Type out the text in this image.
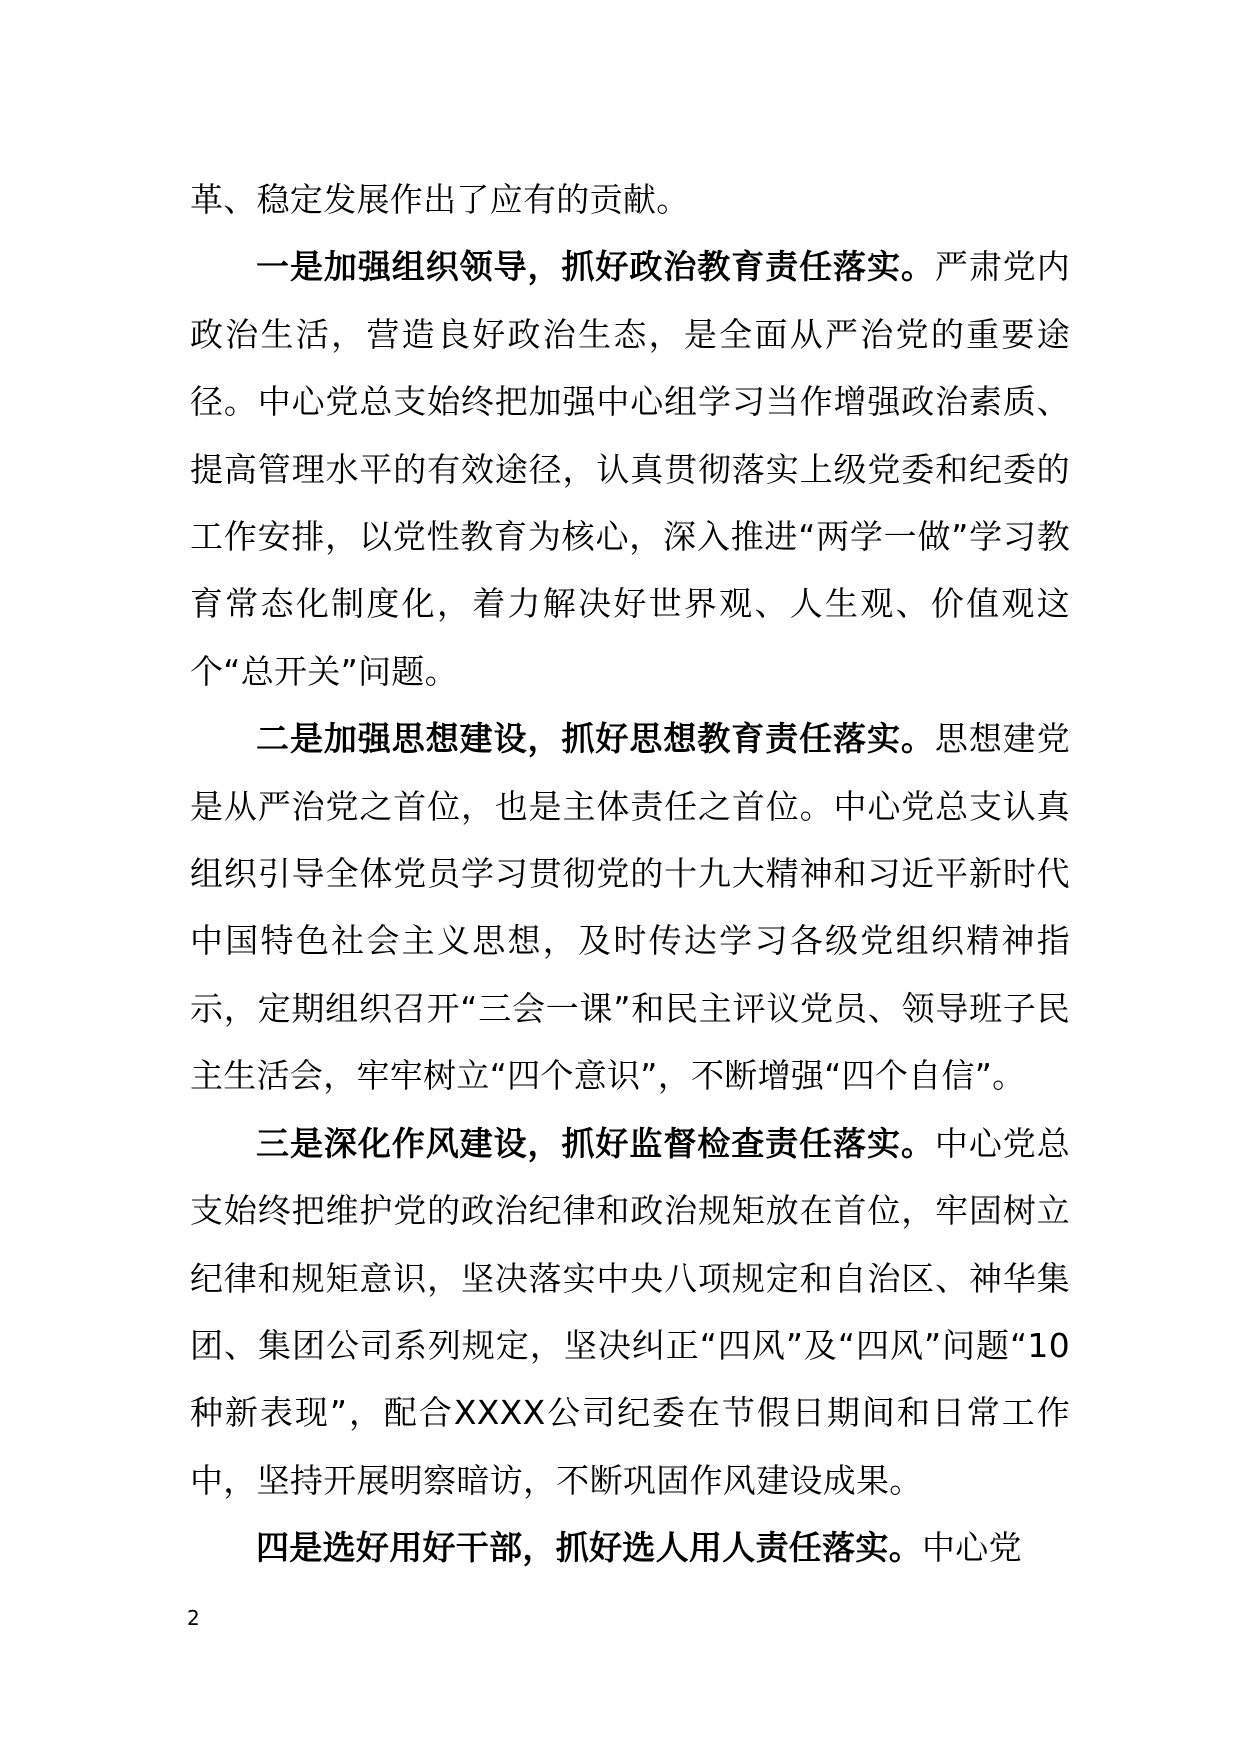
革、稳定发展作出了应有的贡献。

一是加强组织领导，抓好政治教育责任落实。严肃党内政治生活，营造良好政治生态，是全面从严治党的重要途径。中心党总支始终把加强中心组学习当作增强政治素质、提高管理水平的有效途径，认真贯彻落实上级党委和纪委的工作安排，以党性教育为核心，深入推进“两学一做”学习教育常态化制度化，着力解决好世界观、人生观、价值观这个“总开关”问题。

二是加强思想建设，抓好思想教育责任落实。思想建党是从严治党之首位，也是主体责任之首位。中心党总支认真组织引导全体党员学习贯彻党的十九大精神和习近平新时代中国特色社会主义思想，及时传达学习各级党组织精神指示，定期组织召开“三会一课”和民主评议党员、领导班子民主生活会，牢牢树立“四个意识”，不断增强“四个自信”。

三是深化作风建设，抓好监督检查责任落实。中心党总支始终把维护党的政治纪律和政治规矩放在首位，牢固树立纪律和规矩意识，坚决落实中央八项规定和自治区、神华集团、集团公司系列规定，坚决纠正“四风”及“四风”问题“10种新表现”，配合XXXX公司纪委在节假日期间和日常工作中，坚持开展明察暗访，不断巩固作风建设成果。

四是选好用好干部，抓好选人用人责任落实。中心党

2
